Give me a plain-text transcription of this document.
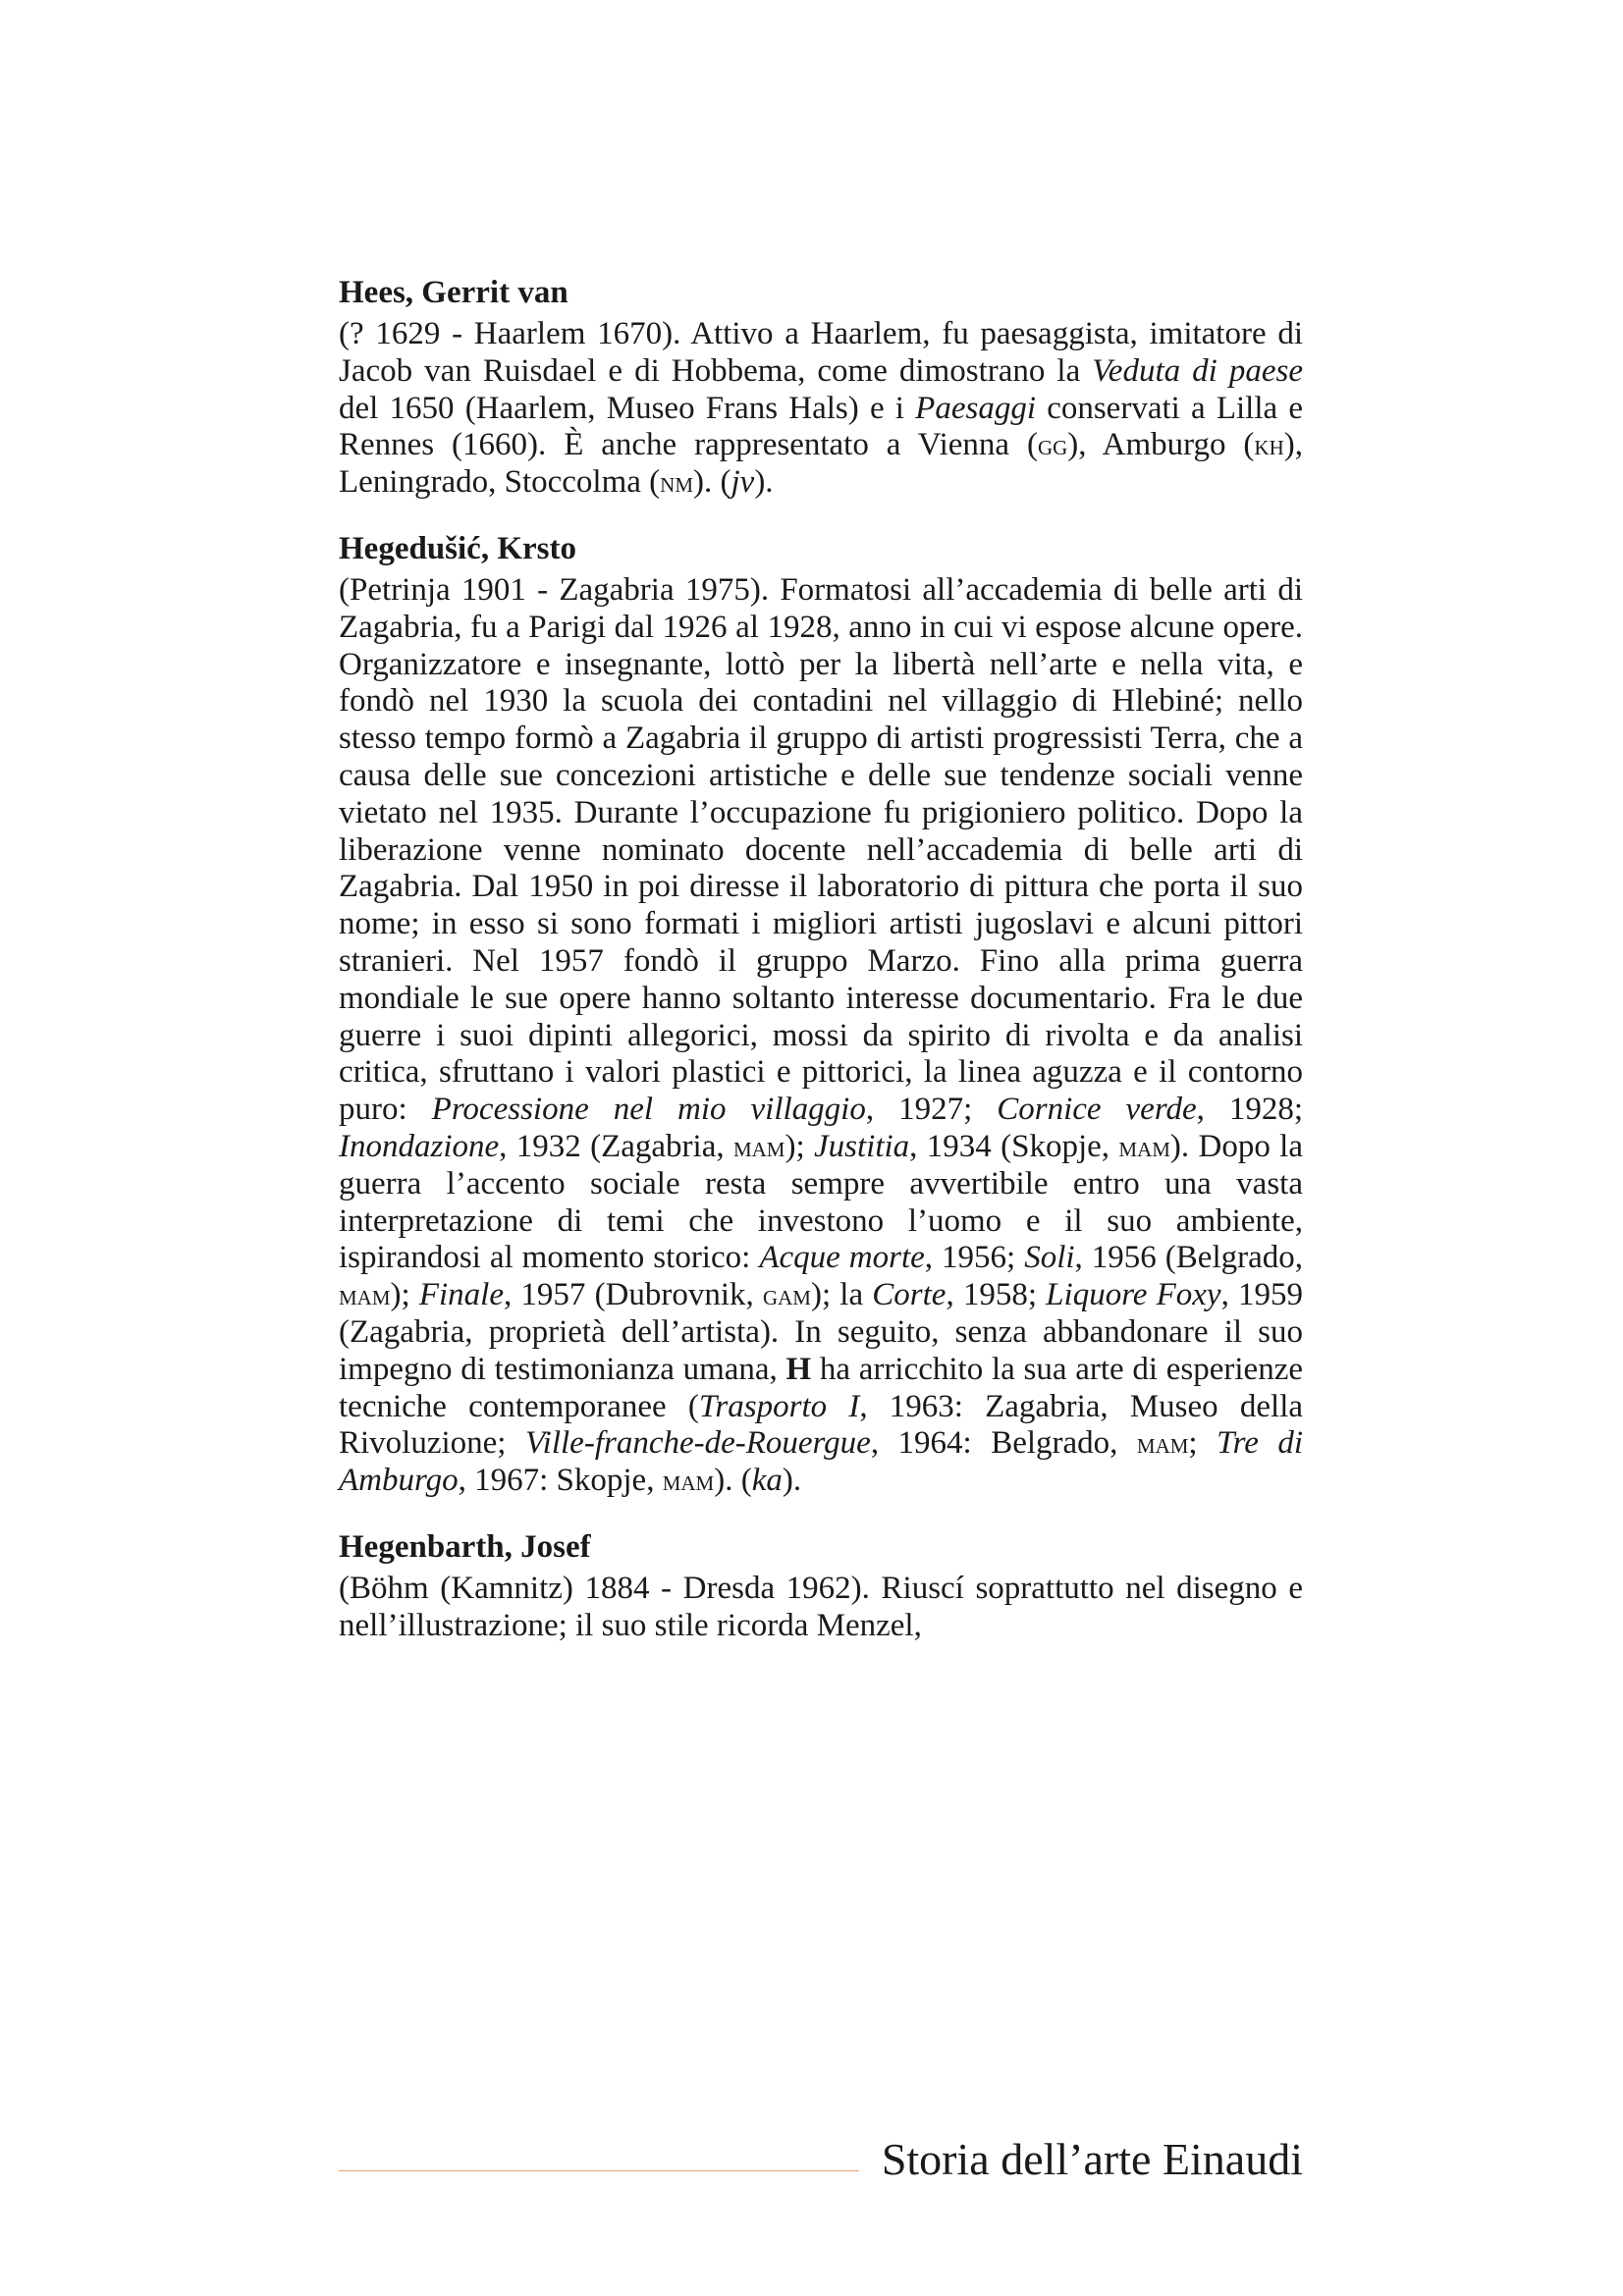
Hees, Gerrit van

(? 1629 - Haarlem 1670). Attivo a Haarlem, fu paesaggista, imitatore di Jacob van Ruisdael e di Hobbema, come dimostrano la Veduta di paese del 1650 (Haarlem, Museo Frans Hals) e i Paesaggi conservati a Lilla e Rennes (1660). È anche rappresentato a Vienna (gg), Amburgo (kh), Leningrado, Stoccolma (nm). (jv).

Hegedušić, Krsto

(Petrinja 1901 - Zagabria 1975). Formatosi all’accademia di belle arti di Zagabria, fu a Parigi dal 1926 al 1928, anno in cui vi espose alcune opere. Organizzatore e insegnante, lottò per la libertà nell’arte e nella vita, e fondò nel 1930 la scuola dei contadini nel villaggio di Hlebiné; nello stesso tempo formò a Zagabria il gruppo di artisti progressisti Terra, che a causa delle sue concezioni artistiche e delle sue tendenze sociali venne vietato nel 1935. Durante l’occupazione fu prigioniero politico. Dopo la liberazione venne nominato docente nell’accademia di belle arti di Zagabria. Dal 1950 in poi diresse il laboratorio di pittura che porta il suo nome; in esso si sono formati i migliori artisti jugoslavi e alcuni pittori stranieri. Nel 1957 fondò il gruppo Marzo. Fino alla prima guerra mondiale le sue opere hanno soltanto interesse documentario. Fra le due guerre i suoi dipinti allegorici, mossi da spirito di rivolta e da analisi critica, sfruttano i valori plastici e pittorici, la linea aguzza e il contorno puro: Processione nel mio villaggio, 1927; Cornice verde, 1928; Inondazione, 1932 (Zagabria, mam); Justitia, 1934 (Skopje, mam). Dopo la guerra l’accento sociale resta sempre avvertibile entro una vasta interpretazione di temi che investono l’uomo e il suo ambiente, ispirandosi al momento storico: Acque morte, 1956; Soli, 1956 (Belgrado, mam); Finale, 1957 (Dubrovnik, gam); la Corte, 1958; Liquore Foxy, 1959 (Zagabria, proprietà dell’artista). In seguito, senza abbandonare il suo impegno di testimonianza umana, H ha arricchito la sua arte di esperienze tecniche contemporanee (Trasporto I, 1963: Zagabria, Museo della Rivoluzione; Ville-franche-de-Rouergue, 1964: Belgrado, mam; Tre di Amburgo, 1967: Skopje, mam). (ka).

Hegenbarth, Josef

(Böhm (Kamnitz) 1884 - Dresda 1962). Riuscí soprattutto nel disegno e nell’illustrazione; il suo stile ricorda Menzel,

Storia dell’arte Einaudi
